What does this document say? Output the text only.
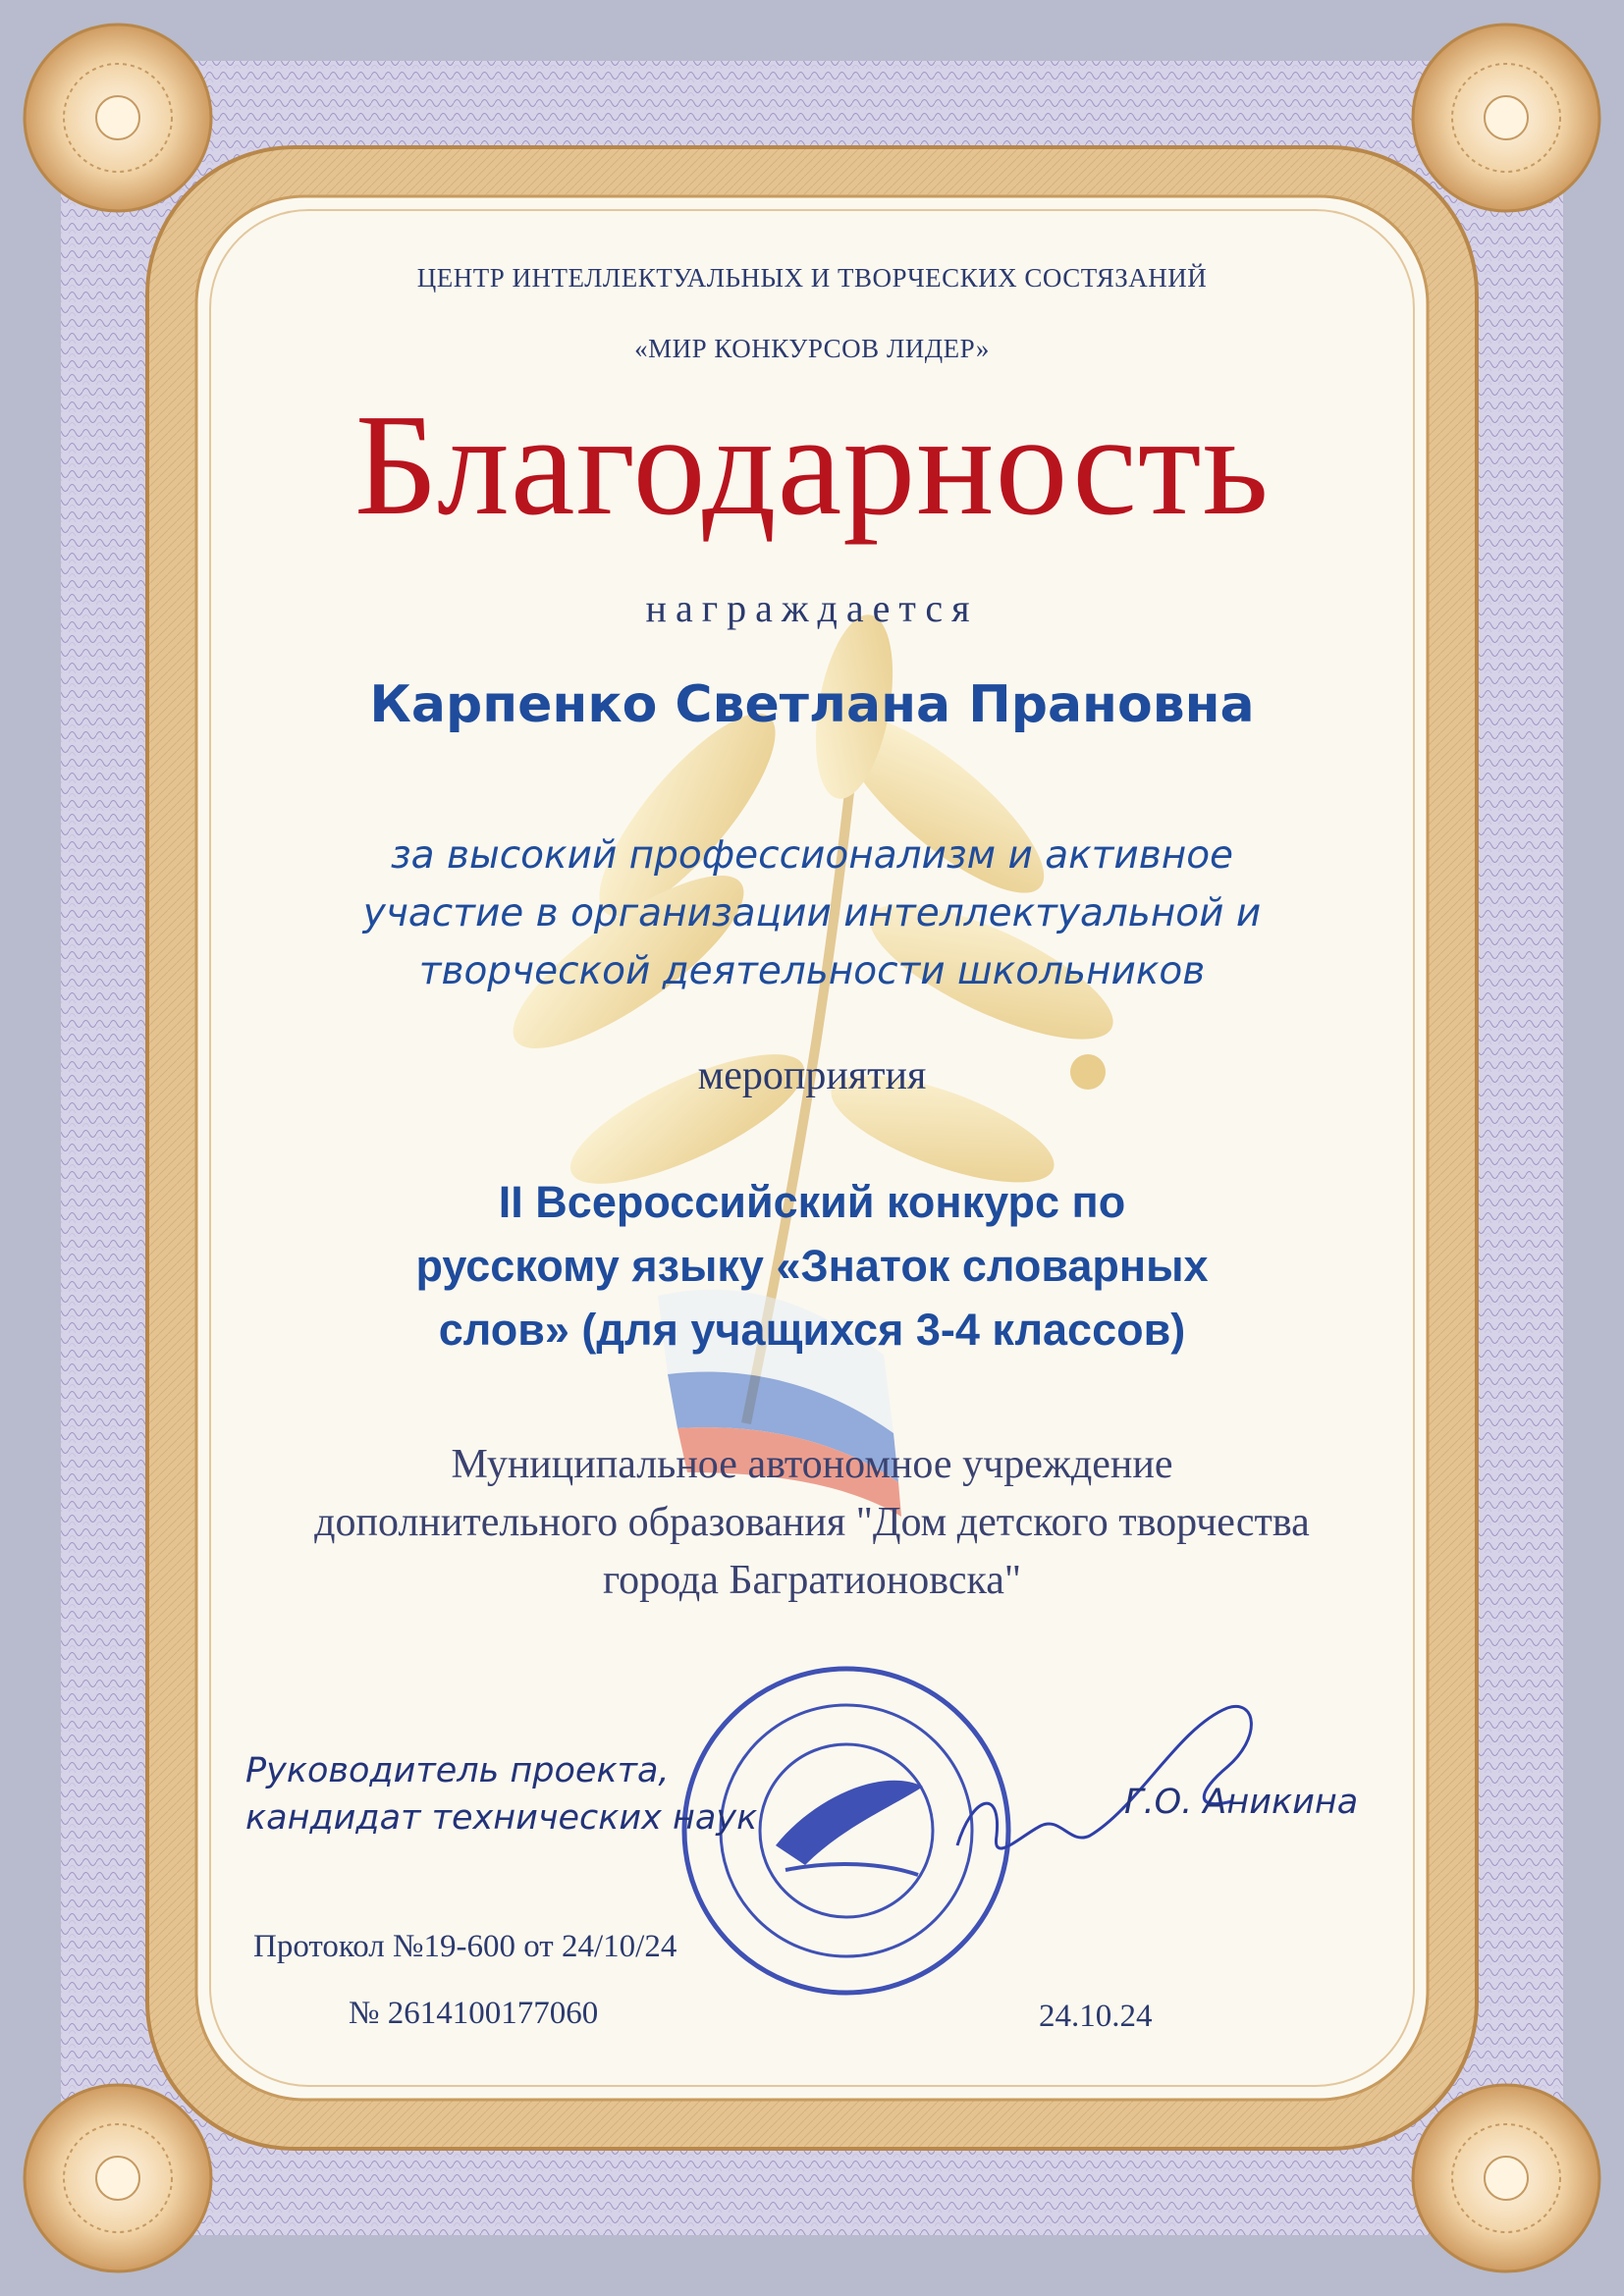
ЦЕНТР ИНТЕЛЛЕКТУАЛЬНЫХ И ТВОРЧЕСКИХ СОСТЯЗАНИЙ

«МИР КОНКУРСОВ ЛИДЕР»

Благодарность

награждается

Карпенко Светлана Прановна

за высокий профессионализм и активное
участие в организации интеллектуальной и
творческой деятельности школьников

мероприятия

II Всероссийский конкурс по
русскому языку «Знаток словарных
слов» (для учащихся 3-4 классов)
Муниципальное автономное учреждение
дополнительного образования "Дом детского творчества
города Багратионовска"
Руководитель проекта,
кандидат технических наук	Г.О. Аникина
Протокол №19-600 от 24/10/24
№ 2614100177060	24.10.24
